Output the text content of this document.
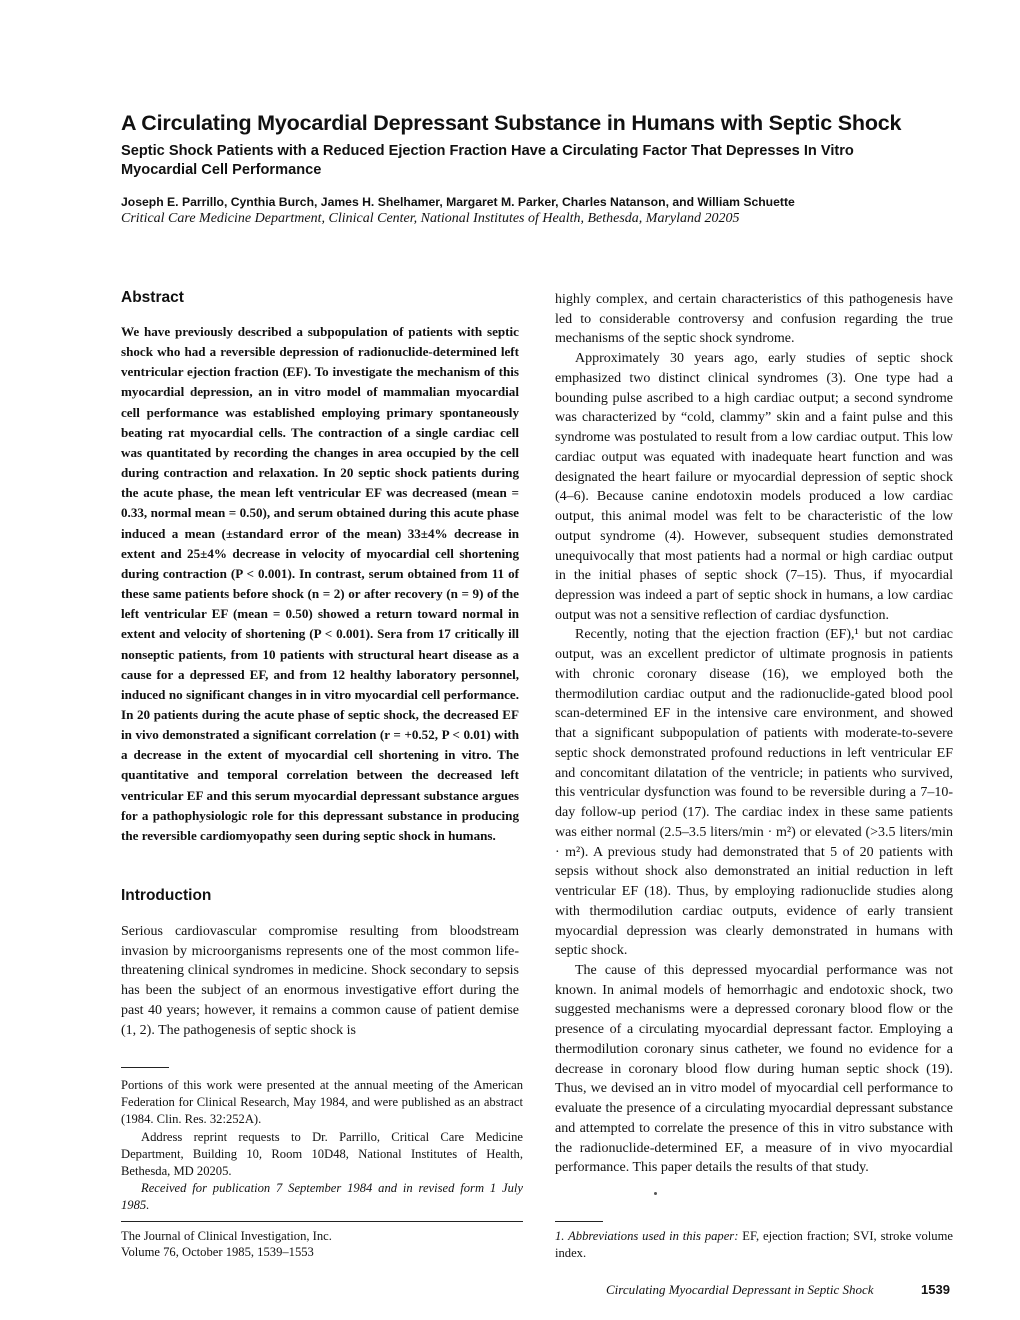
A Circulating Myocardial Depressant Substance in Humans with Septic Shock

Septic Shock Patients with a Reduced Ejection Fraction Have a Circulating Factor That Depresses In Vitro Myocardial Cell Performance

Joseph E. Parrillo, Cynthia Burch, James H. Shelhamer, Margaret M. Parker, Charles Natanson, and William Schuette

Critical Care Medicine Department, Clinical Center, National Institutes of Health, Bethesda, Maryland 20205

Abstract

We have previously described a subpopulation of patients with septic shock who had a reversible depression of radionuclide-determined left ventricular ejection fraction (EF). To investigate the mechanism of this myocardial depression, an in vitro model of mammalian myocardial cell performance was established employing primary spontaneously beating rat myocardial cells. The contraction of a single cardiac cell was quantitated by recording the changes in area occupied by the cell during contraction and relaxation. In 20 septic shock patients during the acute phase, the mean left ventricular EF was decreased (mean = 0.33, normal mean = 0.50), and serum obtained during this acute phase induced a mean (±standard error of the mean) 33±4% decrease in extent and 25±4% decrease in velocity of myocardial cell shortening during contraction (P < 0.001). In contrast, serum obtained from 11 of these same patients before shock (n = 2) or after recovery (n = 9) of the left ventricular EF (mean = 0.50) showed a return toward normal in extent and velocity of shortening (P < 0.001). Sera from 17 critically ill nonseptic patients, from 10 patients with structural heart disease as a cause for a depressed EF, and from 12 healthy laboratory personnel, induced no significant changes in in vitro myocardial cell performance. In 20 patients during the acute phase of septic shock, the decreased EF in vivo demonstrated a significant correlation (r = +0.52, P < 0.01) with a decrease in the extent of myocardial cell shortening in vitro. The quantitative and temporal correlation between the decreased left ventricular EF and this serum myocardial depressant substance argues for a pathophysiologic role for this depressant substance in producing the reversible cardiomyopathy seen during septic shock in humans.

Introduction

Serious cardiovascular compromise resulting from bloodstream invasion by microorganisms represents one of the most common life-threatening clinical syndromes in medicine. Shock secondary to sepsis has been the subject of an enormous investigative effort during the past 40 years; however, it remains a common cause of patient demise (1, 2). The pathogenesis of septic shock is

highly complex, and certain characteristics of this pathogenesis have led to considerable controversy and confusion regarding the true mechanisms of the septic shock syndrome.

Approximately 30 years ago, early studies of septic shock emphasized two distinct clinical syndromes (3). One type had a bounding pulse ascribed to a high cardiac output; a second syndrome was characterized by “cold, clammy” skin and a faint pulse and this syndrome was postulated to result from a low cardiac output. This low cardiac output was equated with inadequate heart function and was designated the heart failure or myocardial depression of septic shock (4–6). Because canine endotoxin models produced a low cardiac output, this animal model was felt to be characteristic of the low output syndrome (4). However, subsequent studies demonstrated unequivocally that most patients had a normal or high cardiac output in the initial phases of septic shock (7–15). Thus, if myocardial depression was indeed a part of septic shock in humans, a low cardiac output was not a sensitive reflection of cardiac dysfunction.

Recently, noting that the ejection fraction (EF),¹ but not cardiac output, was an excellent predictor of ultimate prognosis in patients with chronic coronary disease (16), we employed both the thermodilution cardiac output and the radionuclide-gated blood pool scan-determined EF in the intensive care environment, and showed that a significant subpopulation of patients with moderate-to-severe septic shock demonstrated profound reductions in left ventricular EF and concomitant dilatation of the ventricle; in patients who survived, this ventricular dysfunction was found to be reversible during a 7–10-day follow-up period (17). The cardiac index in these same patients was either normal (2.5–3.5 liters/min · m²) or elevated (>3.5 liters/min · m²). A previous study had demonstrated that 5 of 20 patients with sepsis without shock also demonstrated an initial reduction in left ventricular EF (18). Thus, by employing radionuclide studies along with thermodilution cardiac outputs, evidence of early transient myocardial depression was clearly demonstrated in humans with septic shock.

The cause of this depressed myocardial performance was not known. In animal models of hemorrhagic and endotoxic shock, two suggested mechanisms were a depressed coronary blood flow or the presence of a circulating myocardial depressant factor. Employing a thermodilution coronary sinus catheter, we found no evidence for a decrease in coronary blood flow during human septic shock (19). Thus, we devised an in vitro model of myocardial cell performance to evaluate the presence of a circulating myocardial depressant substance and attempted to correlate the presence of this in vitro substance with the radionuclide-determined EF, a measure of in vivo myocardial performance. This paper details the results of that study.

Portions of this work were presented at the annual meeting of the American Federation for Clinical Research, May 1984, and were published as an abstract (1984. Clin. Res. 32:252A).

Address reprint requests to Dr. Parrillo, Critical Care Medicine Department, Building 10, Room 10D48, National Institutes of Health, Bethesda, MD 20205.

Received for publication 7 September 1984 and in revised form 1 July 1985.

The Journal of Clinical Investigation, Inc.

Volume 76, October 1985, 1539–1553

1. Abbreviations used in this paper: EF, ejection fraction; SVI, stroke volume index.

Circulating Myocardial Depressant in Septic Shock	1539
